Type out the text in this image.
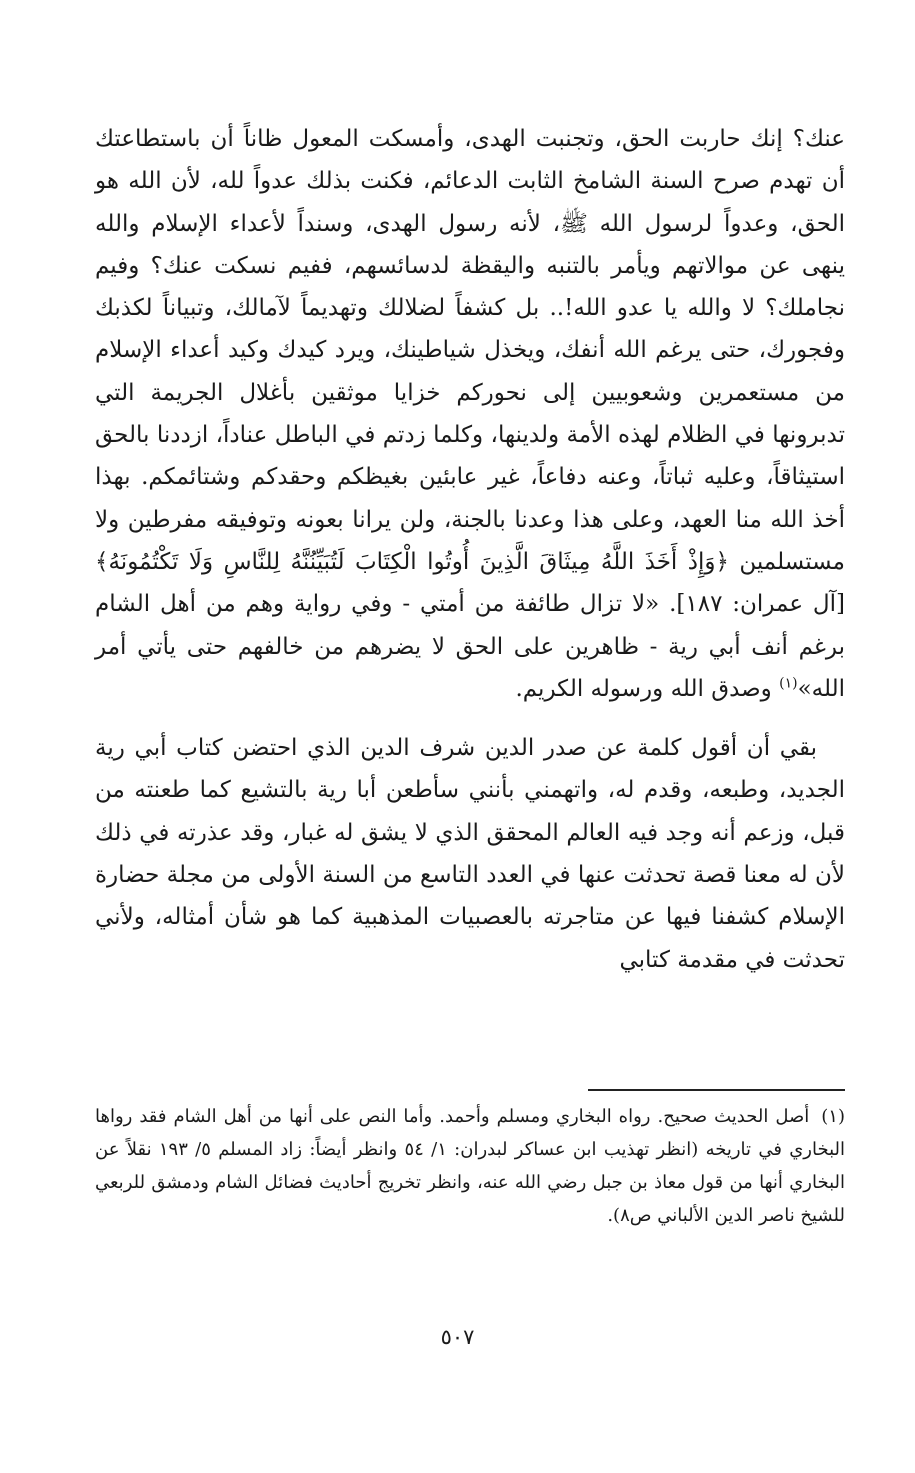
عنك؟ إنك حاربت الحق، وتجنبت الهدى، وأمسكت المعول ظاناً أن باستطاعتك أن تهدم صرح السنة الشامخ الثابت الدعائم، فكنت بذلك عدواً لله، لأن الله هو الحق، وعدواً لرسول الله ﷺ، لأنه رسول الهدى، وسنداً لأعداء الإسلام والله ينهى عن موالاتهم ويأمر بالتنبه واليقظة لدسائسهم، ففيم نسكت عنك؟ وفيم نجاملك؟ لا والله يا عدو الله!.. بل كشفاً لضلالك وتهديماً لآمالك، وتبياناً لكذبك وفجورك، حتى يرغم الله أنفك، ويخذل شياطينك، ويرد كيدك وكيد أعداء الإسلام من مستعمرين وشعوبيين إلى نحوركم خزايا موثقين بأغلال الجريمة التي تدبرونها في الظلام لهذه الأمة ولدينها، وكلما زدتم في الباطل عناداً، ازددنا بالحق استيثاقاً، وعليه ثباتاً، وعنه دفاعاً، غير عابئين بغيظكم وحقدكم وشتائمكم. بهذا أخذ الله منا العهد، وعلى هذا وعدنا بالجنة، ولن يرانا بعونه وتوفيقه مفرطين ولا مستسلمين ﴿وَإِذْ أَخَذَ اللَّهُ مِيثَاقَ الَّذِينَ أُوتُوا الْكِتَابَ لَتُبَيِّنُنَّهُ لِلنَّاسِ وَلَا تَكْتُمُونَهُ﴾ [آل عمران: ١٨٧]. «لا تزال طائفة من أمتي - وفي رواية وهم من أهل الشام برغم أنف أبي رية - ظاهرين على الحق لا يضرهم من خالفهم حتى يأتي أمر الله»$^{(١)}$ وصدق الله ورسوله الكريم.

بقي أن أقول كلمة عن صدر الدين شرف الدين الذي احتضن كتاب أبي رية الجديد، وطبعه، وقدم له، واتهمني بأنني سأطعن أبا رية بالتشيع كما طعنته من قبل، وزعم أنه وجد فيه العالم المحقق الذي لا يشق له غبار، وقد عذرته في ذلك لأن له معنا قصة تحدثت عنها في العدد التاسع من السنة الأولى من مجلة حضارة الإسلام كشفنا فيها عن متاجرته بالعصبيات المذهبية كما هو شأن أمثاله، ولأني تحدثت في مقدمة كتابي

(١)أصل الحديث صحيح. رواه البخاري ومسلم وأحمد. وأما النص على أنها من أهل الشام فقد رواها البخاري في تاريخه (انظر تهذيب ابن عساكر لبدران: ١/ ٥٤ وانظر أيضاً: زاد المسلم ٥/ ١٩٣ نقلاً عن البخاري أنها من قول معاذ بن جبل رضي الله عنه، وانظر تخريج أحاديث فضائل الشام ودمشق للربعي للشيخ ناصر الدين الألباني ص٨).

٥٠٧
